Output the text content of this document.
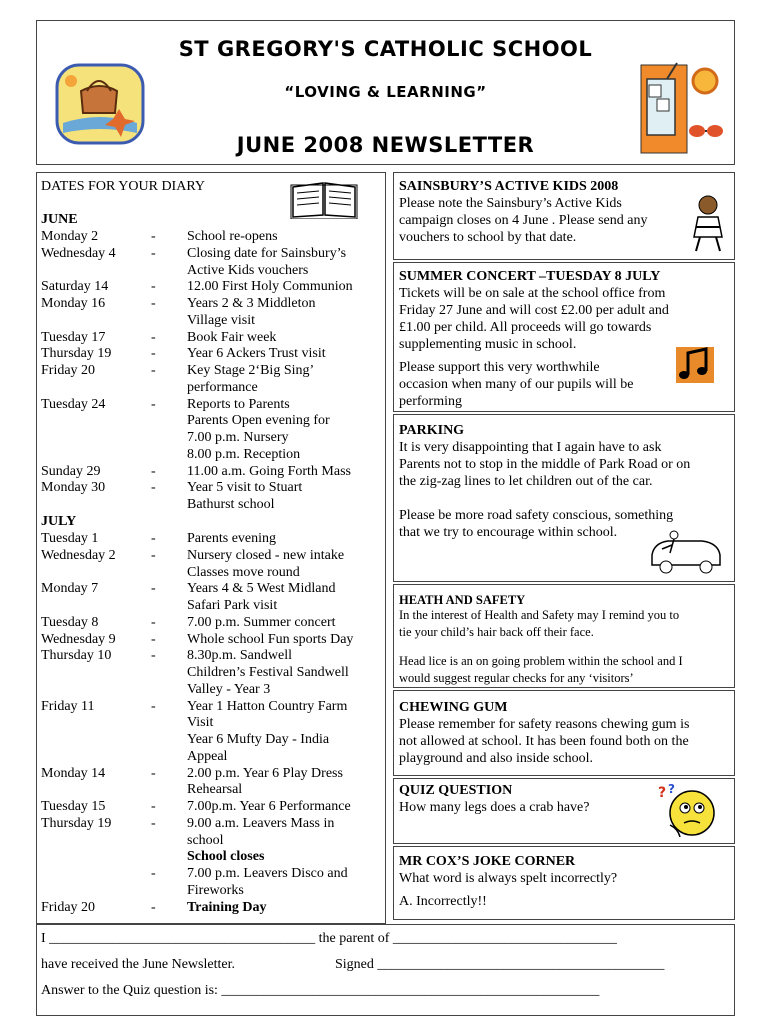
ST GREGORY'S CATHOLIC SCHOOL
“LOVING & LEARNING”
JUNE 2008 NEWSLETTER
DATES FOR YOUR DIARY
JUNE
JULY
Monday 2	- School re-opens
Wednesday 4	- Closing date for Sainsbury’s
Active Kids vouchers
Saturday 14	- 12.00 First Holy Communion
Monday 16	- Years 2 & 3 Middleton
Village visit
Tuesday 17	- Book Fair week
Thursday 19	- Year 6 Ackers Trust visit
Friday 20	- Key Stage 2‘Big Sing’
performance
Tuesday 24	- Reports to Parents
Parents Open evening for
7.00 p.m. Nursery
8.00 p.m. Reception
Sunday 29	- 11.00 a.m. Going Forth Mass
Monday 30	- Year 5 visit to Stuart
Bathurst school
Tuesday 1	- Parents evening
Wednesday 2	- Nursery closed - new intake
Classes move round
Monday 7	- Years 4 & 5 West Midland
Safari Park visit
Tuesday 8	- 7.00 p.m. Summer concert
Wednesday 9	- Whole school Fun sports Day
Thursday 10	- 8.30p.m. Sandwell
Children’s Festival Sandwell
Valley - Year 3
Friday 11	- Year 1 Hatton Country Farm
Visit
Year 6 Mufty Day - India
Appeal
Monday 14	- 2.00 p.m. Year 6 Play Dress
Rehearsal
Tuesday 15	- 7.00p.m. Year 6 Performance
Thursday 19	- 9.00 a.m. Leavers Mass in
school
School closes
- 7.00 p.m. Leavers Disco and
Fireworks
Friday 20	- Training Day

SAINSBURY’S ACTIVE KIDS 2008

Please note the Sainsbury’s Active Kids

campaign closes on 4 June . Please send any

vouchers to school by that date.

SUMMER CONCERT –TUESDAY 8 JULY

Tickets will be on sale at the school office from

Friday 27 June and will cost £2.00 per adult and

£1.00 per child. All proceeds will go towards

supplementing music in school.

Please support this very worthwhile

occasion when many of our pupils will be

performing

PARKING

It is very disappointing that I again have to ask

Parents not to stop in the middle of Park Road or on

the zig-zag lines to let children out of the car.

Please be more road safety conscious, something

that we try to encourage within school.

HEATH AND SAFETY

In the interest of Health and Safety may I remind you to

tie your child’s hair back off their face.

Head lice is an on going problem within the school and I

would suggest regular checks for any ‘visitors’

CHEWING GUM

Please remember for safety reasons chewing gum is

not allowed at school. It has been found both on the

playground and also inside school.

QUIZ QUESTION

How many legs does a crab have?

? ?

MR COX’S JOKE CORNER

What word is always spelt incorrectly?

A. Incorrectly!!

I ______________________________________ the parent of ________________________________
have received the June Newsletter.	Signed _________________________________________
Answer to the Quiz question is: ______________________________________________________
